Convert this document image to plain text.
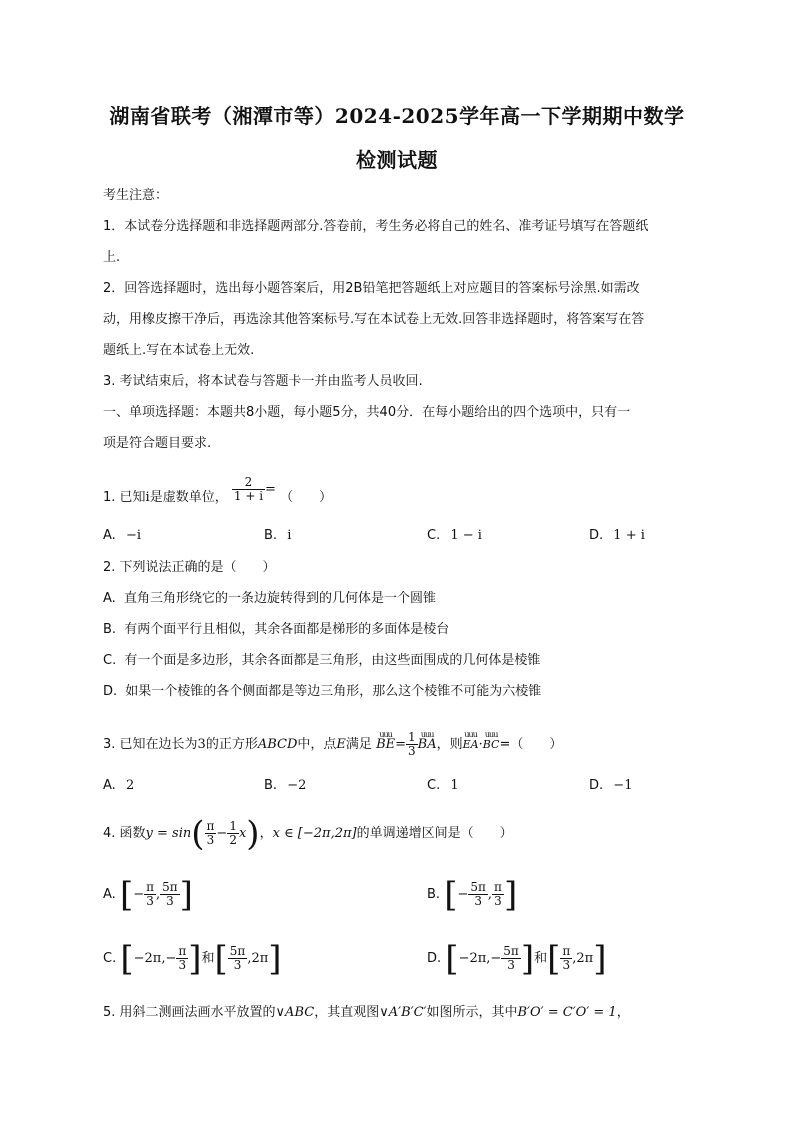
湖南省联考（湘潭市等）2024-2025学年高一下学期期中数学
检测试题
考生注意：
1．本试卷分选择题和非选择题两部分.答卷前，考生务必将自己的姓名、准考证号填写在答题纸
上.
2．回答选择题时，选出每小题答案后，用2B铅笔把答题纸上对应题目的答案标号涂黑.如需改
动，用橡皮擦干净后，再选涂其他答案标号.写在本试卷上无效.回答非选择题时，将答案写在答
题纸上.写在本试卷上无效.
3. 考试结束后，将本试卷与答题卡一并由监考人员收回.
一、单项选择题：本题共8小题，每小题5分，共40分．在每小题给出的四个选项中，只有一
项是符合题目要求.
1. 已知i是虚数单位， $\frac{2}{1 + i}$ = （　　）
A. −i	B. i	C. 1 − i	D. 1 + i
2. 下列说法正确的是（　　）
A. 直角三角形绕它的一条边旋转得到的几何体是一个圆锥
B. 有两个面平行且相似，其余各面都是梯形的多面体是棱台
C. 有一个面是多边形，其余各面都是三角形，由这些面围成的几何体是棱锥
D. 如果一个棱锥的各个侧面都是等边三角形，那么这个棱锥不可能为六棱锥
3. 已知在边长为3的正方形ABCD中，点E满足
uuu
$BE= \frac{1}{3}$ uuu
BA，则
uuu
EA·
uuu
BC=（　　）
A. 2	B. −2	C. 1	D. −1
4. 函数$y = \sin( \frac{\pi}{3} - \frac{1}{2} x)$，x ∈ [−2π,2π]的单调递增区间是（　　）
A. [− $\frac{\pi}{3}$ , $\frac{5\pi}{3}$ ]	B. [− $\frac{5\pi}{3}$ , $\frac{\pi}{3}$ ]
C. [$-2\pi,- \frac{\pi}{3}$ ]和[ $\frac{5\pi}{3} ,2\pi$]	D. [$-2\pi,- \frac{5\pi}{3}$ ]和[ $\frac{\pi}{3} ,2\pi$]
5. 用斜二测画法画水平放置的∨ABC，其直观图∨A′B′C′如图所示，其中B′O′ = C′O′ = 1，
